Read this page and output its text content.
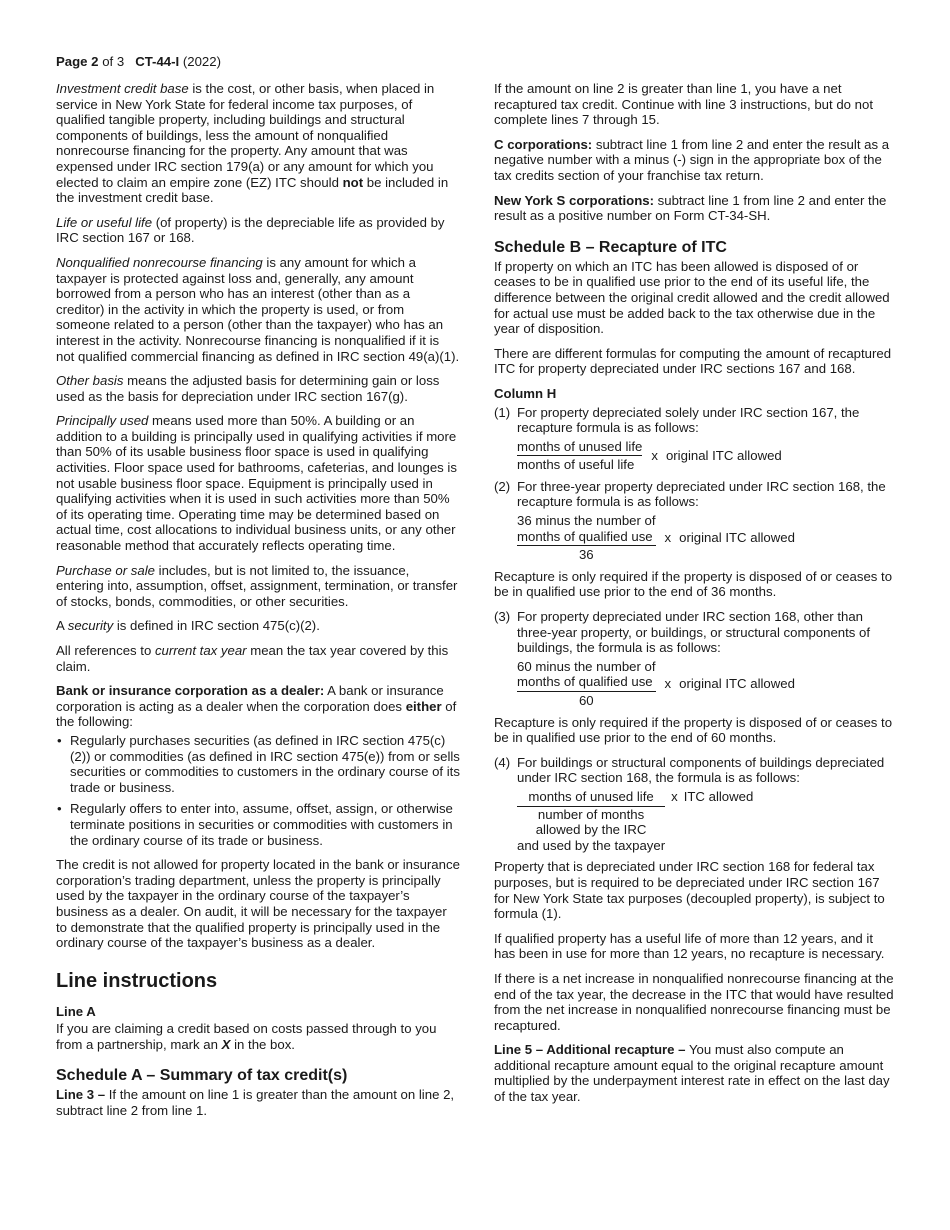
Page 2 of 3 CT-44-I (2022)

Investment credit base is the cost, or other basis, when placed in service in New York State for federal income tax purposes, of qualified tangible property, including buildings and structural components of buildings, less the amount of nonqualified nonrecourse financing for the property. Any amount that was expensed under IRC section 179(a) or any amount for which you elected to claim an empire zone (EZ) ITC should not be included in the investment credit base.

Life or useful life (of property) is the depreciable life as provided by IRC section 167 or 168.

Nonqualified nonrecourse financing is any amount for which a taxpayer is protected against loss and, generally, any amount borrowed from a person who has an interest (other than as a creditor) in the activity in which the property is used, or from someone related to a person (other than the taxpayer) who has an interest in the activity. Nonrecourse financing is nonqualified if it is not qualified commercial financing as defined in IRC section 49(a)(1).

Other basis means the adjusted basis for determining gain or loss used as the basis for depreciation under IRC section 167(g).

Principally used means used more than 50%. A building or an addition to a building is principally used in qualifying activities if more than 50% of its usable business floor space is used in qualifying activities. Floor space used for bathrooms, cafeterias, and lounges is not usable business floor space. Equipment is principally used in qualifying activities when it is used in such activities more than 50% of its operating time. Operating time may be determined based on actual time, cost allocations to individual business units, or any other reasonable method that accurately reflects operating time.

Purchase or sale includes, but is not limited to, the issuance, entering into, assumption, offset, assignment, termination, or transfer of stocks, bonds, commodities, or other securities.

A security is defined in IRC section 475(c)(2).

All references to current tax year mean the tax year covered by this claim.

Bank or insurance corporation as a dealer: A bank or insurance corporation is acting as a dealer when the corporation does either of the following:

• Regularly purchases securities (as defined in IRC section 475(c)(2)) or commodities (as defined in IRC section 475(e)) from or sells securities or commodities to customers in the ordinary course of its trade or business.
• Regularly offers to enter into, assume, offset, assign, or otherwise terminate positions in securities or commodities with customers in the ordinary course of its trade or business.

The credit is not allowed for property located in the bank or insurance corporation’s trading department, unless the property is principally used by the taxpayer in the ordinary course of the taxpayer’s business as a dealer. On audit, it will be necessary for the taxpayer to demonstrate that the qualified property is principally used in the ordinary course of the taxpayer’s business as a dealer.

Line instructions
Line A

If you are claiming a credit based on costs passed through to you from a partnership, mark an X in the box.

Schedule A – Summary of tax credit(s)

Line 3 – If the amount on line 1 is greater than the amount on line 2, subtract line 2 from line 1.

If the amount on line 2 is greater than line 1, you have a net recaptured tax credit. Continue with line 3 instructions, but do not complete lines 7 through 15.

C corporations: subtract line 1 from line 2 and enter the result as a negative number with a minus (-) sign in the appropriate box of the tax credits section of your franchise tax return.

New York S corporations: subtract line 1 from line 2 and enter the result as a positive number on Form CT-34-SH.

Schedule B – Recapture of ITC

If property on which an ITC has been allowed is disposed of or ceases to be in qualified use prior to the end of its useful life, the difference between the original credit allowed and the credit allowed for actual use must be added back to the tax otherwise due in the year of disposition.

There are different formulas for computing the amount of recaptured ITC for property depreciated under IRC sections 167 and 168.

Column H
(1) For property depreciated solely under IRC section 167, the recapture formula is as follows:
$\frac{\text{months of unused life}}{\text{months of useful life}}$ x original ITC allowed
(2) For three-year property depreciated under IRC section 168, the recapture formula is as follows:
36 minus the number of
months of qualified use
36
x original ITC allowed

Recapture is only required if the property is disposed of or ceases to be in qualified use prior to the end of 36 months.

(3) For property depreciated under IRC section 168, other than three-year property, or buildings, or structural components of buildings, the formula is as follows:
60 minus the number of
months of qualified use
60
x original ITC allowed

Recapture is only required if the property is disposed of or ceases to be in qualified use prior to the end of 60 months.

(4) For buildings or structural components of buildings depreciated under IRC section 168, the formula is as follows:
months of unused life
number of months
allowed by the IRC
and used by the taxpayer
x ITC allowed

Property that is depreciated under IRC section 168 for federal tax purposes, but is required to be depreciated under IRC section 167 for New York State tax purposes (decoupled property), is subject to formula (1).

If qualified property has a useful life of more than 12 years, and it has been in use for more than 12 years, no recapture is necessary.

If there is a net increase in nonqualified nonrecourse financing at the end of the tax year, the decrease in the ITC that would have resulted from the net increase in nonqualified nonrecourse financing must be recaptured.

Line 5 – Additional recapture – You must also compute an additional recapture amount equal to the original recapture amount multiplied by the underpayment interest rate in effect on the last day of the tax year.
